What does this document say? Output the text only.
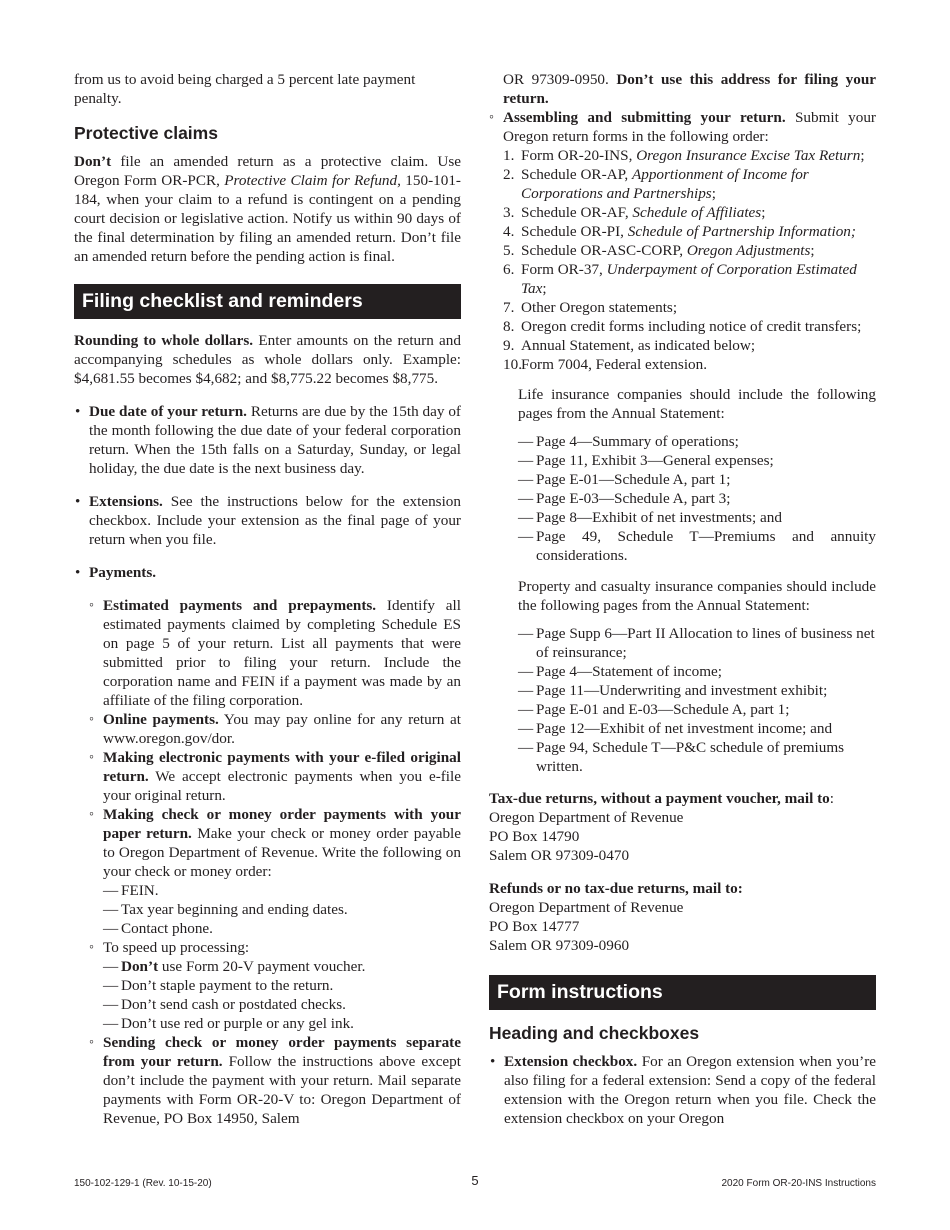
from us to avoid being charged a 5 percent late payment penalty.

Protective claims

Don’t file an amended return as a protective claim. Use Oregon Form OR-PCR, Protective Claim for Refund, 150-101-184, when your claim to a refund is contingent on a pending court decision or legislative action. Notify us within 90 days of the final determination by filing an amended return. Don’t file an amended return before the pending action is final.

Filing checklist and reminders

Rounding to whole dollars. Enter amounts on the return and accompanying schedules as whole dollars only. Example: $4,681.55 becomes $4,682; and $8,775.22 becomes $8,775.

• Due date of your return. Returns are due by the 15th day of the month following the due date of your federal corporation return. When the 15th falls on a Saturday, Sunday, or legal holiday, the due date is the next business day.
• Extensions. See the instructions below for the extension checkbox. Include your extension as the final page of your return when you file.
• Payments.
◦ Estimated payments and prepayments. Identify all estimated payments claimed by completing Schedule ES on page 5 of your return. List all payments that were submitted prior to filing your return. Include the corporation name and FEIN if a payment was made by an affiliate of the filing corporation.
◦ Online payments. You may pay online for any return at www.oregon.gov/dor.
◦ Making electronic payments with your e-filed original return. We accept electronic payments when you e-file your original return.
◦ Making check or money order payments with your paper return. Make your check or money order payable to Oregon Department of Revenue. Write the following on your check or money order:
— FEIN.
— Tax year beginning and ending dates.
— Contact phone.
◦ To speed up processing:
— Don’t use Form 20-V payment voucher.
— Don’t staple payment to the return.
— Don’t send cash or postdated checks.
— Don’t use red or purple or any gel ink.
◦ Sending check or money order payments separate from your return. Follow the instructions above except don’t include the payment with your return. Mail separate payments with Form OR-20-V to: Oregon Department of Revenue, PO Box 14950, Salem
OR 97309-0950. Don’t use this address for filing your return.
◦ Assembling and submitting your return. Submit your Oregon return forms in the following order:
1. Form OR-20-INS, Oregon Insurance Excise Tax Return;
2. Schedule OR-AP, Apportionment of Income for Corporations and Partnerships;
3. Schedule OR-AF, Schedule of Affiliates;
4. Schedule OR-PI, Schedule of Partnership Information;
5. Schedule OR-ASC-CORP, Oregon Adjustments;
6. Form OR-37, Underpayment of Corporation Estimated Tax;
7. Other Oregon statements;
8. Oregon credit forms including notice of credit transfers;
9. Annual Statement, as indicated below;
10. Form 7004, Federal extension.

Life insurance companies should include the following pages from the Annual Statement:

— Page 4—Summary of operations;
— Page 11, Exhibit 3—General expenses;
— Page E-01—Schedule A, part 1;
— Page E-03—Schedule A, part 3;
— Page 8—Exhibit of net investments; and
— Page 49, Schedule T—Premiums and annuity considerations.

Property and casualty insurance companies should include the following pages from the Annual Statement:

— Page Supp 6—Part II Allocation to lines of business net of reinsurance;
— Page 4—Statement of income;
— Page 11—Underwriting and investment exhibit;
— Page E-01 and E-03—Schedule A, part 1;
— Page 12—Exhibit of net investment income; and
— Page 94, Schedule T—P&C schedule of premiums written.
Tax-due returns, without a payment voucher, mail to:
Oregon Department of Revenue
PO Box 14790
Salem OR 97309-0470
Refunds or no tax-due returns, mail to:
Oregon Department of Revenue
PO Box 14777
Salem OR 97309-0960
Form instructions
Heading and checkboxes
• Extension checkbox. For an Oregon extension when you’re also filing for a federal extension: Send a copy of the federal extension with the Oregon return when you file. Check the extension checkbox on your Oregon
150-102-129-1 (Rev. 10-15-20)	5	2020 Form OR-20-INS Instructions
